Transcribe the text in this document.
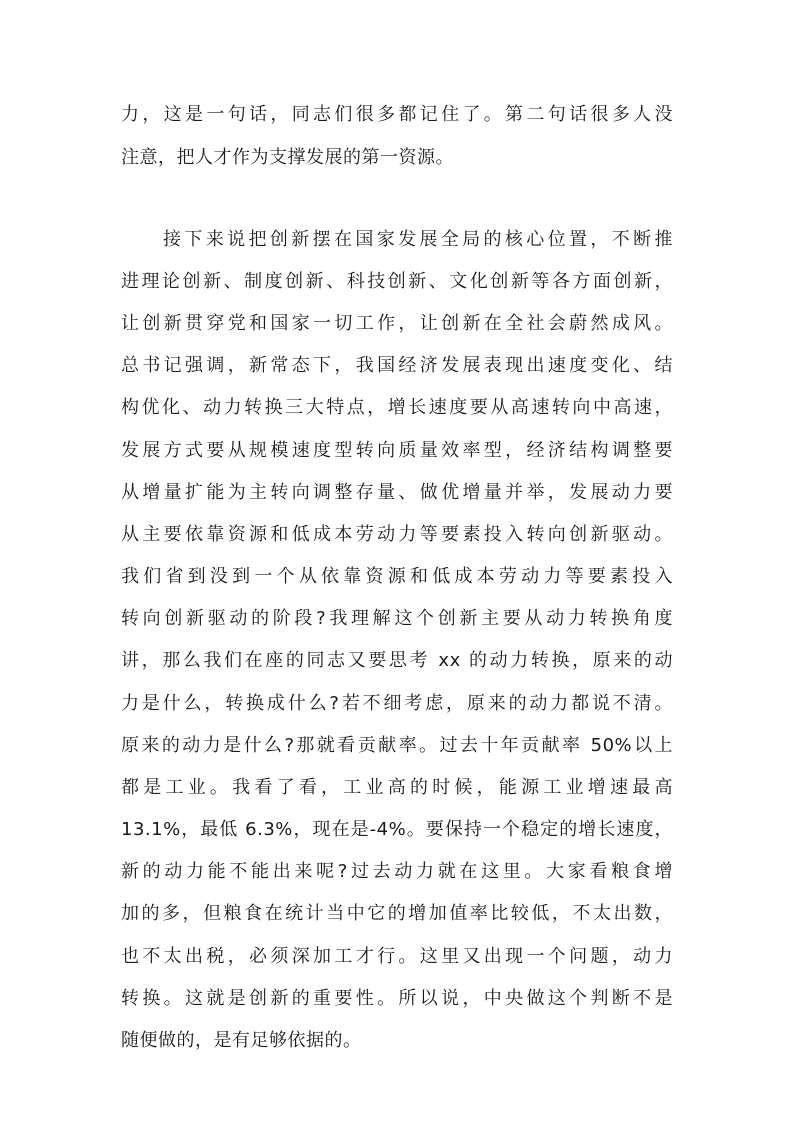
力，这是一句话，同志们很多都记住了。第二句话很多人没
注意，把人才作为支撑发展的第一资源。
接下来说把创新摆在国家发展全局的核心位置，不断推
进理论创新、制度创新、科技创新、文化创新等各方面创新，
让创新贯穿党和国家一切工作，让创新在全社会蔚然成风。
总书记强调，新常态下，我国经济发展表现出速度变化、结
构优化、动力转换三大特点，增长速度要从高速转向中高速，
发展方式要从规模速度型转向质量效率型，经济结构调整要
从增量扩能为主转向调整存量、做优增量并举，发展动力要
从主要依靠资源和低成本劳动力等要素投入转向创新驱动。
我们省到没到一个从依靠资源和低成本劳动力等要素投入
转向创新驱动的阶段?我理解这个创新主要从动力转换角度
讲，那么我们在座的同志又要思考 xx 的动力转换，原来的动
力是什么，转换成什么?若不细考虑，原来的动力都说不清。
原来的动力是什么?那就看贡献率。过去十年贡献率 50%以上
都是工业。我看了看，工业高的时候，能源工业增速最高
13.1%，最低 6.3%，现在是-4%。要保持一个稳定的增长速度，
新的动力能不能出来呢?过去动力就在这里。大家看粮食增
加的多，但粮食在统计当中它的增加值率比较低，不太出数，
也不太出税，必须深加工才行。这里又出现一个问题，动力
转换。这就是创新的重要性。所以说，中央做这个判断不是
随便做的，是有足够依据的。
